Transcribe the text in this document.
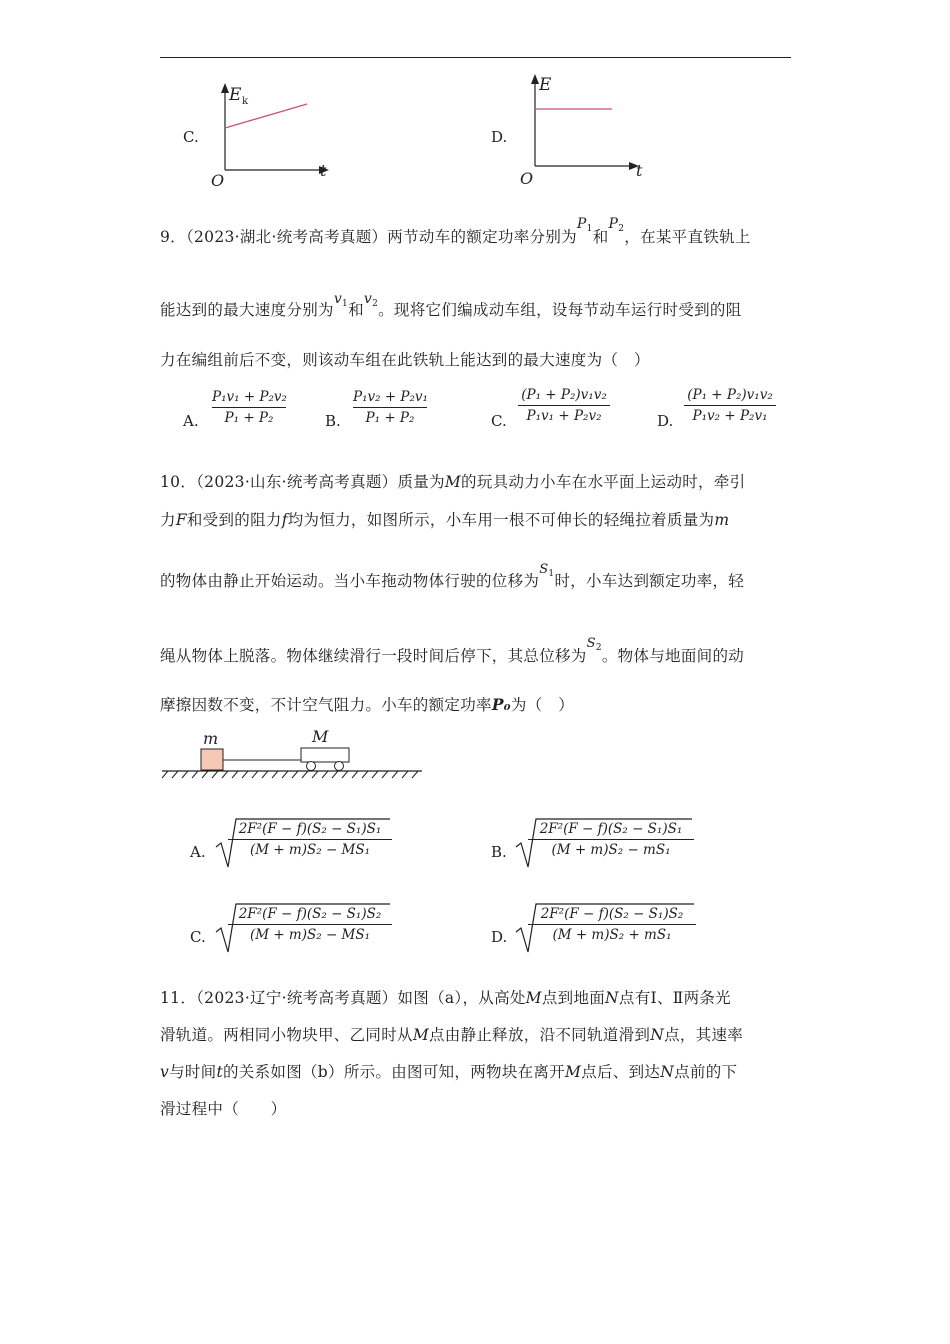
C.
E k
O
t
D.
E
O	t
9．（2023·湖北·统考高考真题）两节动车的额定功率分别为$P_1$和$P_2$，在某平直铁轨上
能达到的最大速度分别为$v_1$和$v_2$。现将它们编成动车组，设每节动车运行时受到的阻
力在编组前后不变，则该动车组在此铁轨上能达到的最大速度为（　）
A.
P₁v₁ + P₂v₂
P₁ + P₂	B.
P₁v₂ + P₂v₁
P₁ + P₂	C.
(P₁ + P₂)v₁v₂
P₁v₁ + P₂v₂	D.
(P₁ + P₂)v₁v₂
P₁v₂ + P₂v₁
10．（2023·山东·统考高考真题）质量为M的玩具动力小车在水平面上运动时，牵引
力F和受到的阻力f均为恒力，如图所示，小车用一根不可伸长的轻绳拉着质量为m
的物体由静止开始运动。当小车拖动物体行驶的位移为$S_1$时，小车达到额定功率，轻
绳从物体上脱落。物体继续滑行一段时间后停下，其总位移为$S_2$。物体与地面间的动
摩擦因数不变，不计空气阻力。小车的额定功率P₀为（　）
m	M
A.
2F²(F − f)(S₂ − S₁)S₁
(M + m)S₂ − MS₁	B.
2F²(F − f)(S₂ − S₁)S₁
(M + m)S₂ − mS₁
C.
2F²(F − f)(S₂ − S₁)S₂
(M + m)S₂ − MS₁	D.
2F²(F − f)(S₂ − S₁)S₂
(M + m)S₂ + mS₁
11．（2023·辽宁·统考高考真题）如图（a），从高处M点到地面N点有Ⅰ、Ⅱ两条光
滑轨道。两相同小物块甲、乙同时从M点由静止释放，沿不同轨道滑到N点，其速率
v与时间t的关系如图（b）所示。由图可知，两物块在离开M点后、到达N点前的下
滑过程中（　　）
